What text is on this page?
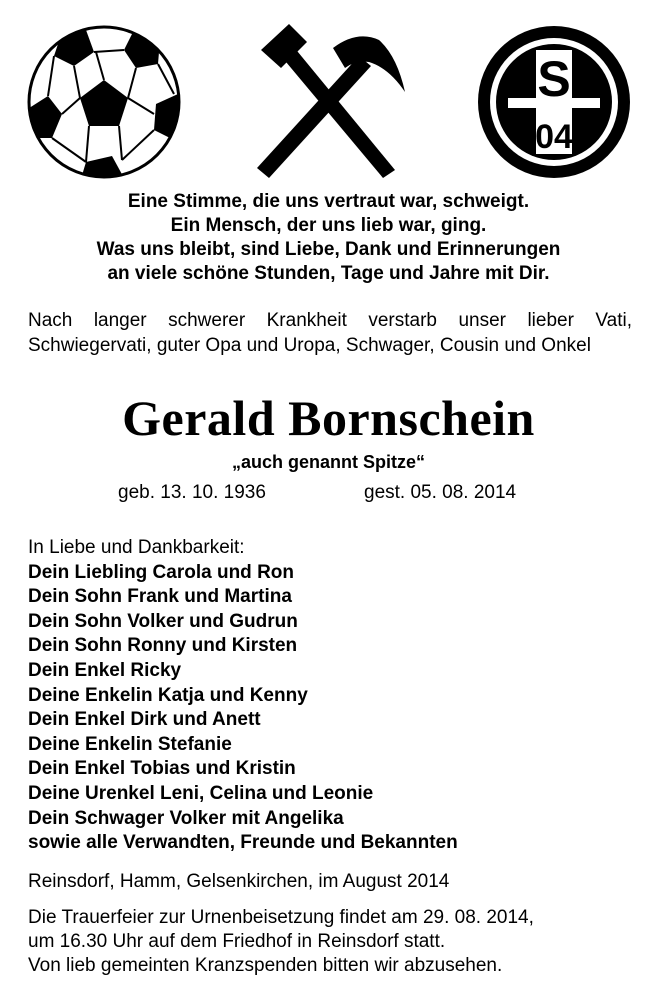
S
04
Eine Stimme, die uns vertraut war, schweigt.
Ein Mensch, der uns lieb war, ging.
Was uns bleibt, sind Liebe, Dank und Erinnerungen
an viele schöne Stunden, Tage und Jahre mit Dir.
Nach langer schwerer Krankheit verstarb unser lieber Vati, Schwiegervati, guter Opa und Uropa, Schwager, Cousin und Onkel
Gerald Bornschein
„auch genannt Spitze“
geb. 13. 10. 1936	gest. 05. 08. 2014
In Liebe und Dankbarkeit:
Dein Liebling Carola und Ron
Dein Sohn Frank und Martina
Dein Sohn Volker und Gudrun
Dein Sohn Ronny und Kirsten
Dein Enkel Ricky
Deine Enkelin Katja und Kenny
Dein Enkel Dirk und Anett
Deine Enkelin Stefanie
Dein Enkel Tobias und Kristin
Deine Urenkel Leni, Celina und Leonie
Dein Schwager Volker mit Angelika
sowie alle Verwandten, Freunde und Bekannten
Reinsdorf, Hamm, Gelsenkirchen, im August 2014
Die Trauerfeier zur Urnenbeisetzung findet am 29. 08. 2014,
um 16.30 Uhr auf dem Friedhof in Reinsdorf statt.
Von lieb gemeinten Kranzspenden bitten wir abzusehen.
